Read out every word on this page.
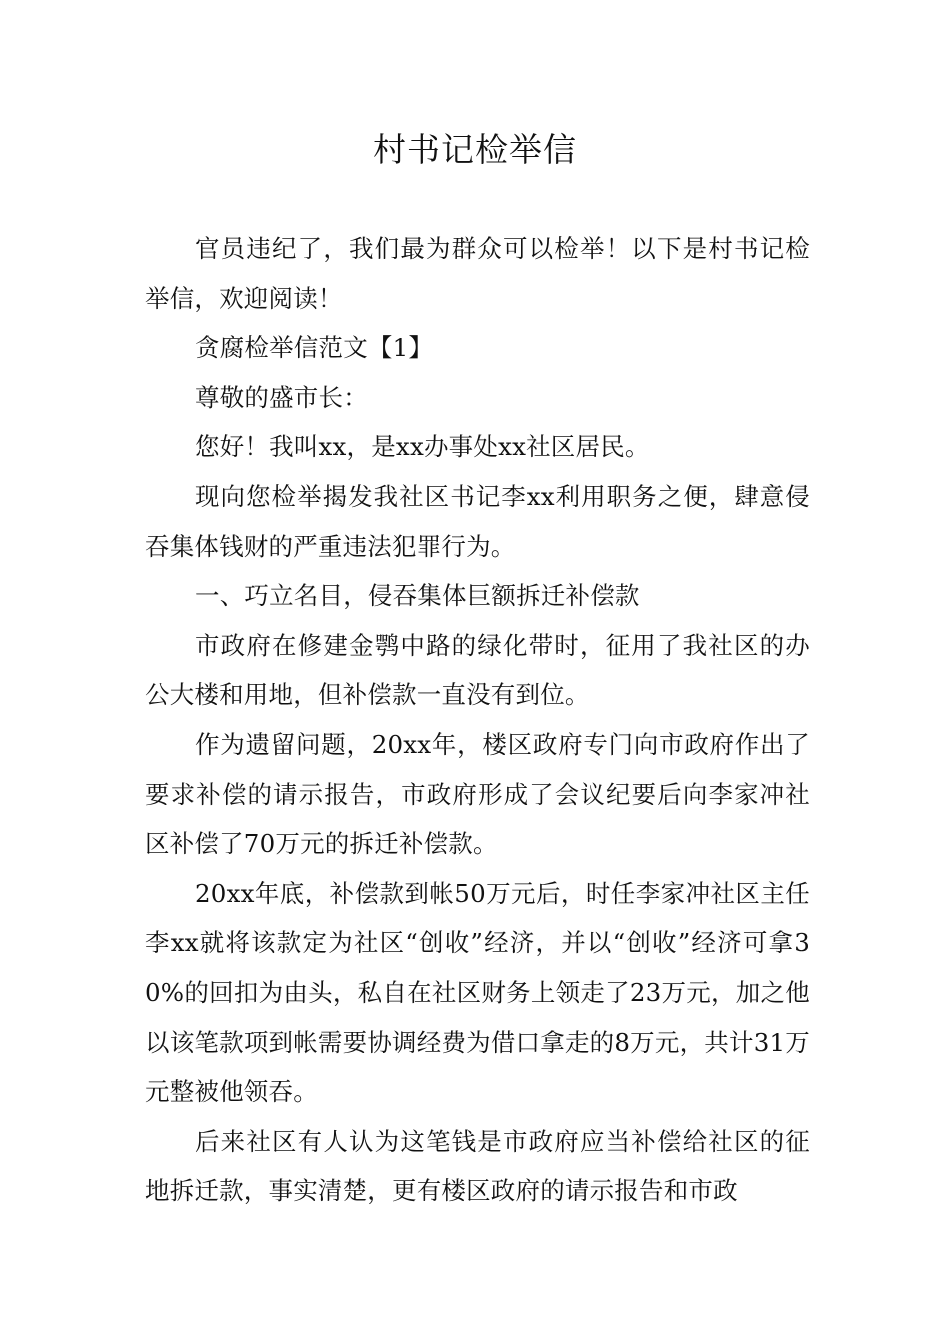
村书记检举信

官员违纪了，我们最为群众可以检举！以下是村书记检举信，欢迎阅读！

贪腐检举信范文【1】

尊敬的盛市长：

您好！我叫xx，是xx办事处xx社区居民。

现向您检举揭发我社区书记李xx利用职务之便，肆意侵吞集体钱财的严重违法犯罪行为。

一、巧立名目，侵吞集体巨额拆迁补偿款

市政府在修建金鹗中路的绿化带时，征用了我社区的办公大楼和用地，但补偿款一直没有到位。

作为遗留问题，20xx年，楼区政府专门向市政府作出了要求补偿的请示报告，市政府形成了会议纪要后向李家冲社区补偿了70万元的拆迁补偿款。

20xx年底，补偿款到帐50万元后，时任李家冲社区主任李xx就将该款定为社区“创收”经济，并以“创收”经济可拿30%的回扣为由头，私自在社区财务上领走了23万元，加之他以该笔款项到帐需要协调经费为借口拿走的8万元，共计31万元整被他领吞。

后来社区有人认为这笔钱是市政府应当补偿给社区的征地拆迁款，事实清楚，更有楼区政府的请示报告和市政
